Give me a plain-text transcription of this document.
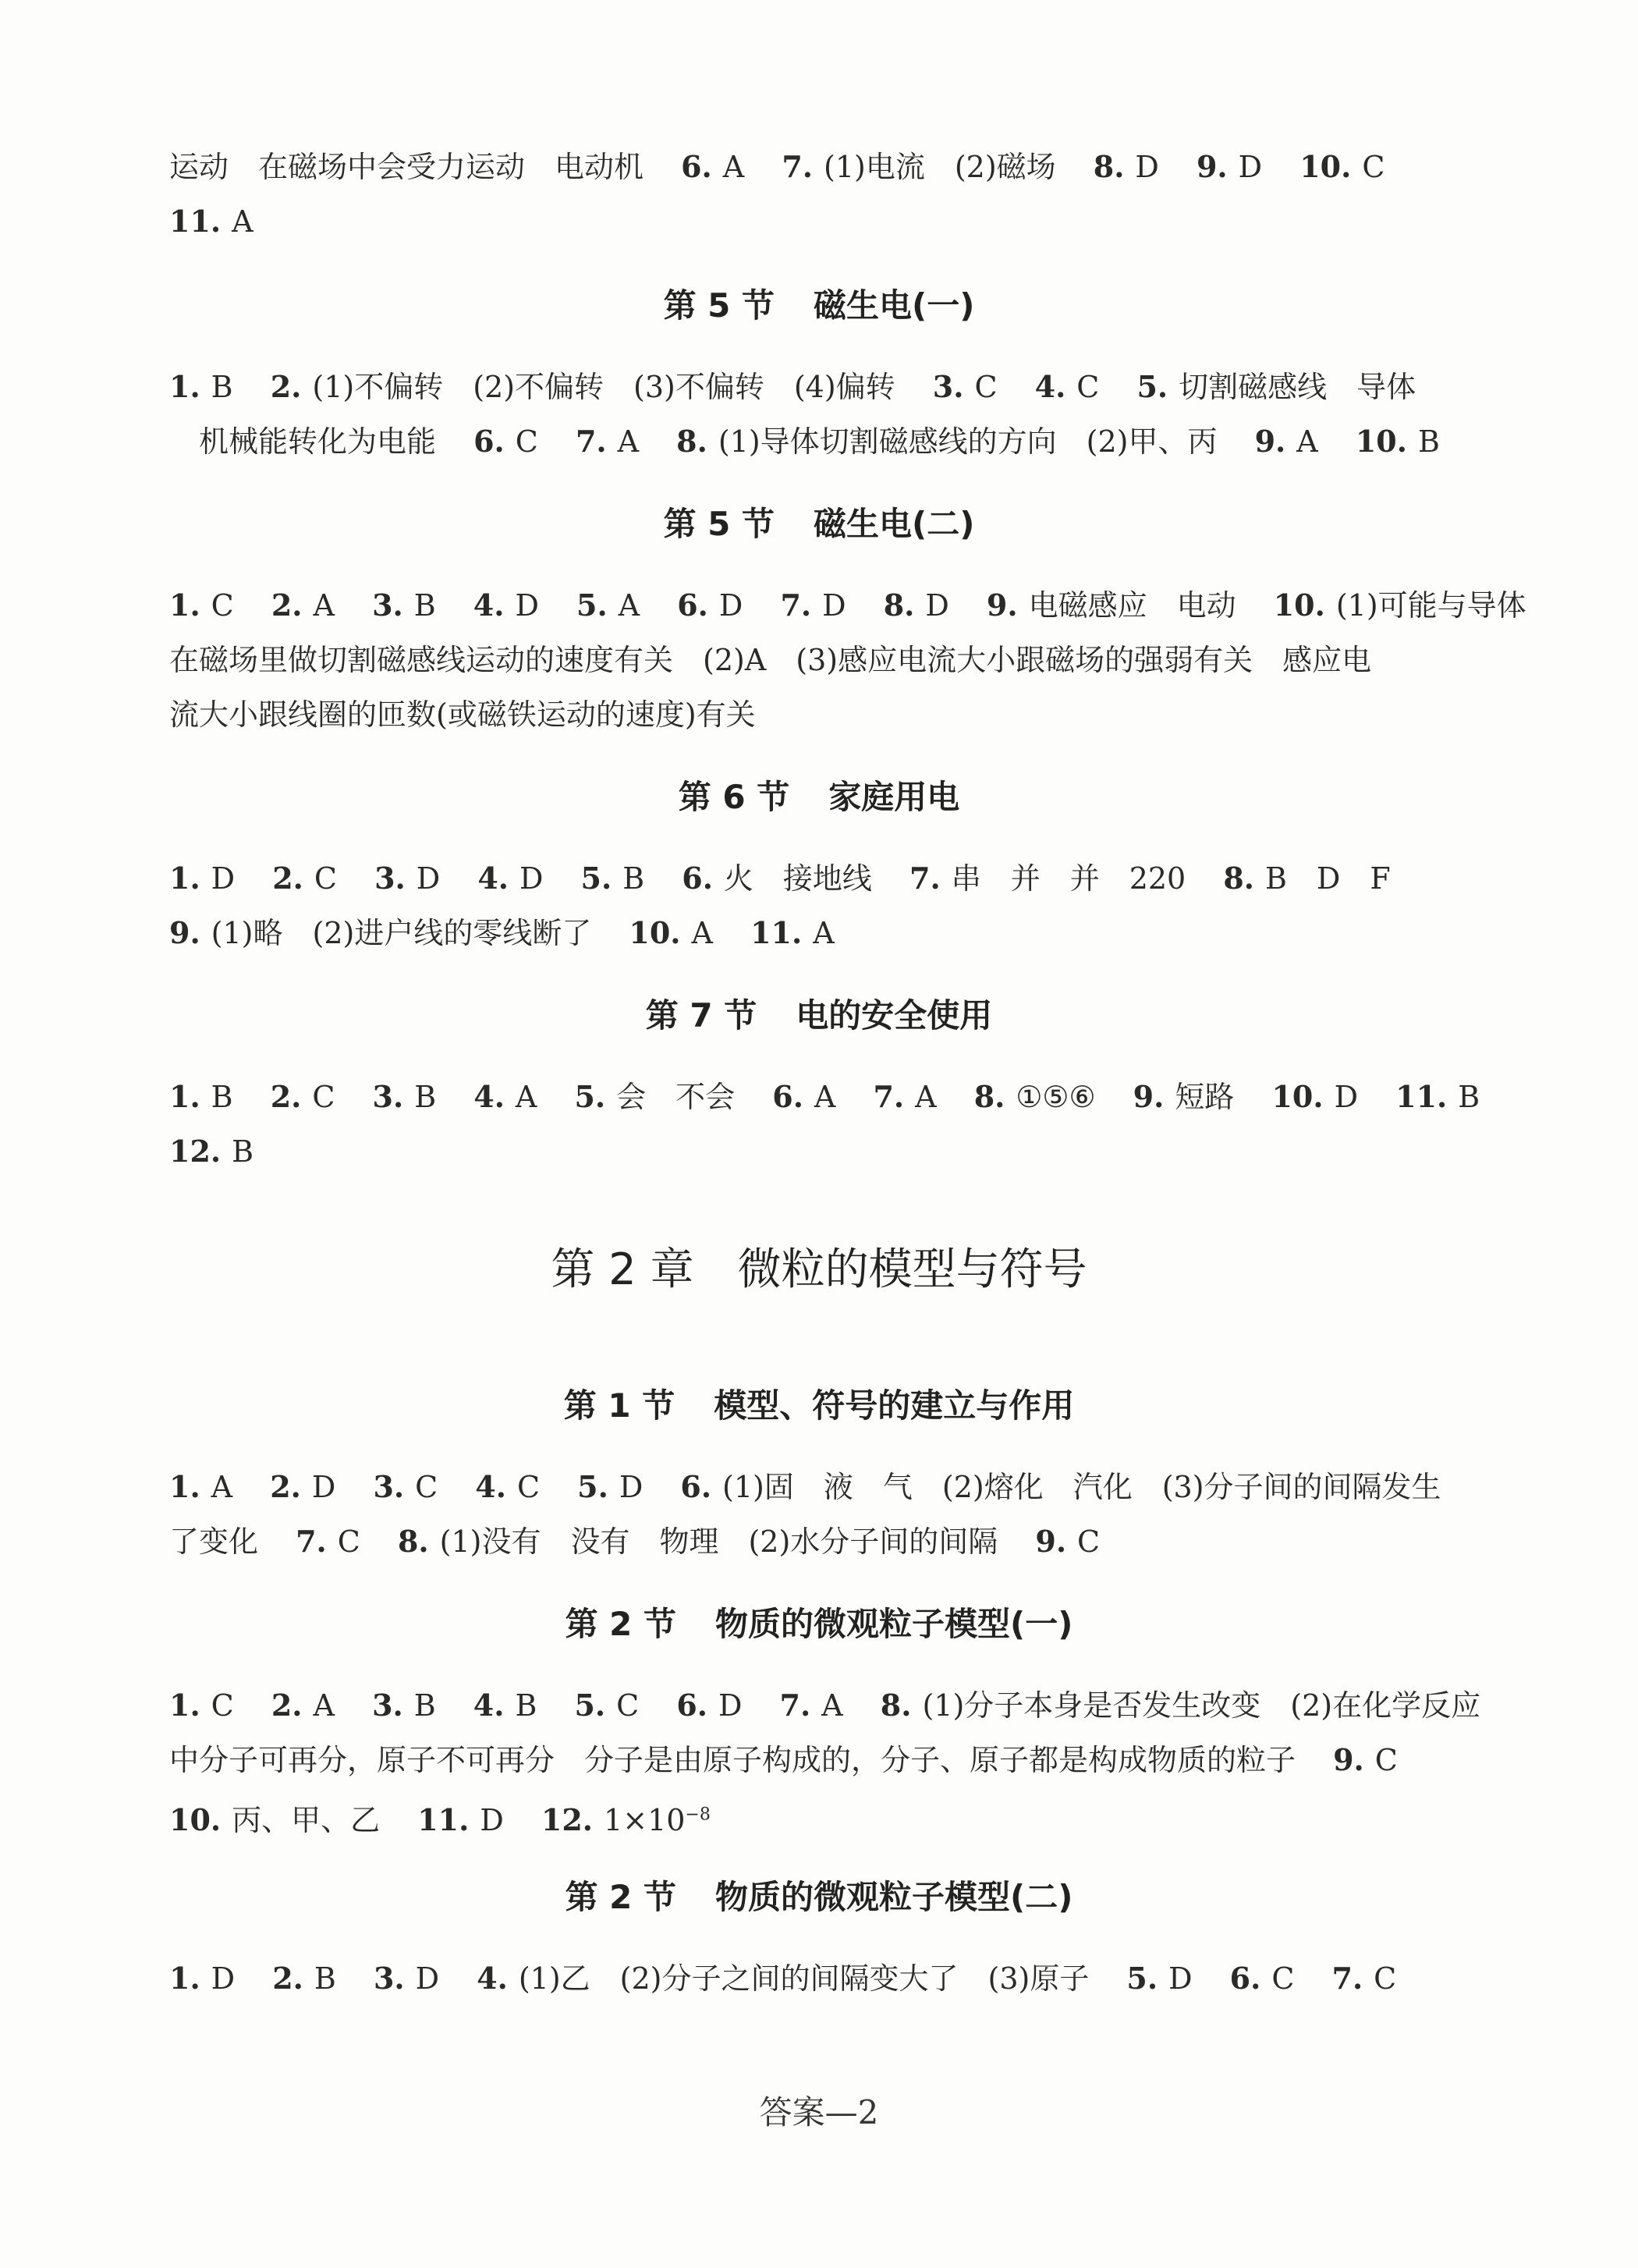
运动　在磁场中会受力运动　电动机 6. A 7. (1)电流　(2)磁场 8. D 9. D 10. C
11. A
第 5 节 磁生电(一)
1. B 2. (1)不偏转　(2)不偏转　(3)不偏转　(4)偏转 3. C 4. C 5. 切割磁感线　导体
机械能转化为电能 6. C 7. A 8. (1)导体切割磁感线的方向　(2)甲、丙 9. A 10. B
第 5 节 磁生电(二)
1. C 2. A 3. B 4. D 5. A 6. D 7. D 8. D 9. 电磁感应　电动 10. (1)可能与导体
在磁场里做切割磁感线运动的速度有关　(2)A　(3)感应电流大小跟磁场的强弱有关　感应电
流大小跟线圈的匝数(或磁铁运动的速度)有关
第 6 节 家庭用电
1. D 2. C 3. D 4. D 5. B 6. 火　接地线 7. 串　并　并　220 8. B　D　F
9. (1)略　(2)进户线的零线断了 10. A 11. A
第 7 节 电的安全使用
1. B 2. C 3. B 4. A 5. 会　不会 6. A 7. A 8. ①⑤⑥ 9. 短路 10. D 11. B
12. B
第 2 章 微粒的模型与符号
第 1 节 模型、符号的建立与作用
1. A 2. D 3. C 4. C 5. D 6. (1)固　液　气　(2)熔化　汽化　(3)分子间的间隔发生
了变化 7. C 8. (1)没有　没有　物理　(2)水分子间的间隔 9. C
第 2 节 物质的微观粒子模型(一)
1. C 2. A 3. B 4. B 5. C 6. D 7. A 8. (1)分子本身是否发生改变　(2)在化学反应
中分子可再分，原子不可再分　分子是由原子构成的，分子、原子都是构成物质的粒子 9. C
10. 丙、甲、乙 11. D 12. $1\times 10^{-8}$
第 2 节 物质的微观粒子模型(二)
1. D 2. B 3. D 4. (1)乙　(2)分子之间的间隔变大了　(3)原子 5. D 6. C 7. C
答案—2
